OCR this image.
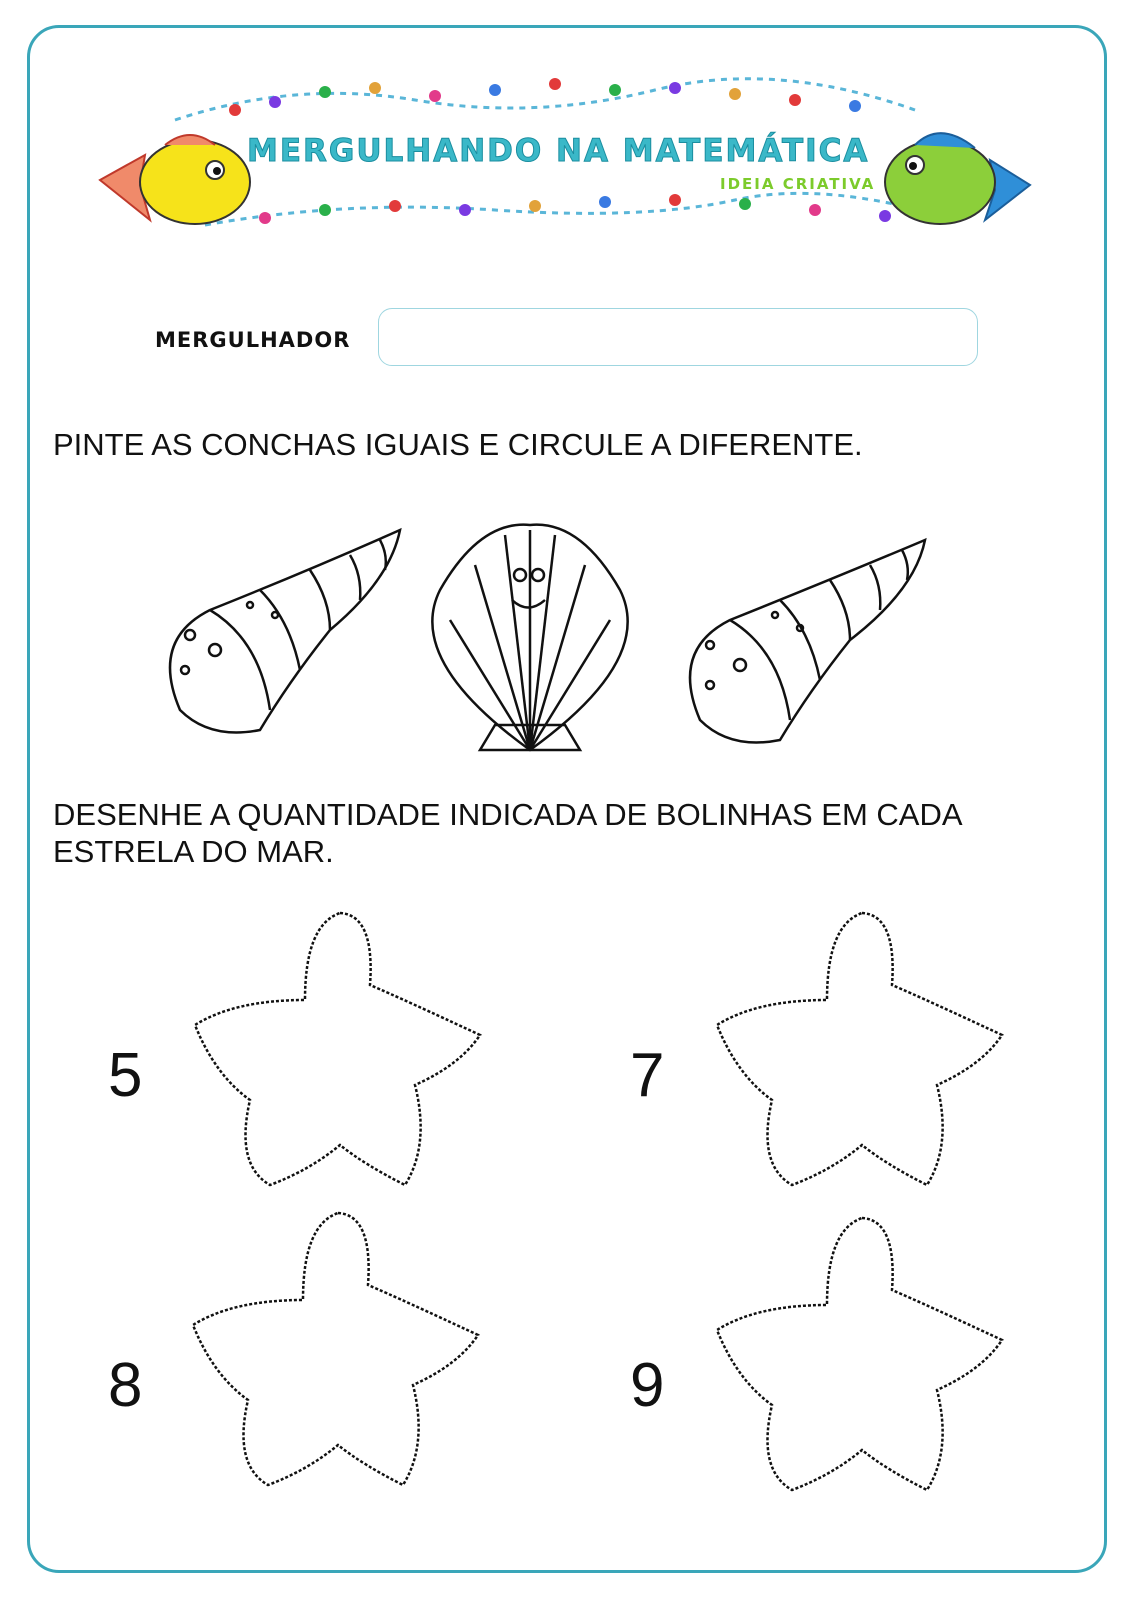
MERGULHANDO NA MATEMÁTICA
IDEIA CRIATIVA
MERGULHADOR
PINTE AS CONCHAS IGUAIS E CIRCULE A DIFERENTE.
DESENHE A QUANTIDADE INDICADA DE BOLINHAS EM CADA
ESTRELA DO MAR.
5	7
8	9
